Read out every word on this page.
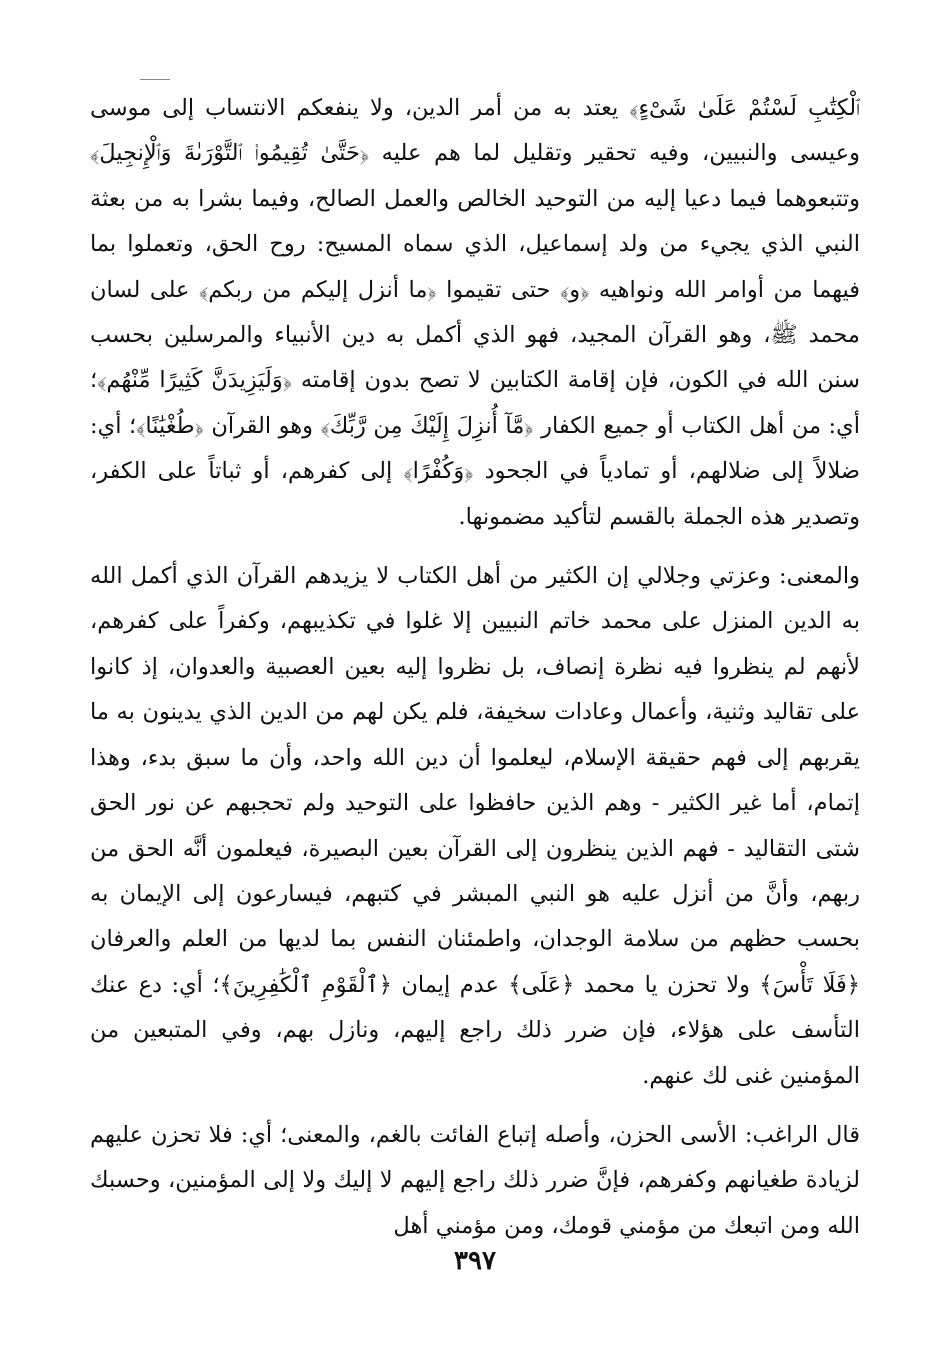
ٱلْكِتَٰبِ لَسْتُمْ عَلَىٰ شَىْءٍ﴾ يعتد به من أمر الدين، ولا ينفعكم الانتساب إلى موسى وعيسى والنبيين، وفيه تحقير وتقليل لما هم عليه ﴿حَتَّىٰ تُقِيمُوا۟ ٱلتَّوْرَىٰةَ وَٱلْإِنجِيلَ﴾ وتتبعوهما فيما دعيا إليه من التوحيد الخالص والعمل الصالح، وفيما بشرا به من بعثة النبي الذي يجيء من ولد إسماعيل، الذي سماه المسيح: روح الحق، وتعملوا بما فيهما من أوامر الله ونواهيه ﴿و﴾ حتى تقيموا ﴿ما أنزل إليكم من ربكم﴾ على لسان محمد ﷺ، وهو القرآن المجيد، فهو الذي أكمل به دين الأنبياء والمرسلين بحسب سنن الله في الكون، فإن إقامة الكتابين لا تصح بدون إقامته ﴿وَلَيَزِيدَنَّ كَثِيرًا مِّنْهُم﴾؛ أي: من أهل الكتاب أو جميع الكفار ﴿مَّآ أُنزِلَ إِلَيْكَ مِن رَّبِّكَ﴾ وهو القرآن ﴿طُغْيَٰنًا﴾؛ أي: ضلالاً إلى ضلالهم، أو تمادياً في الجحود ﴿وَكُفْرًا﴾ إلى كفرهم، أو ثباتاً على الكفر، وتصدير هذه الجملة بالقسم لتأكيد مضمونها.

والمعنى: وعزتي وجلالي إن الكثير من أهل الكتاب لا يزيدهم القرآن الذي أكمل الله به الدين المنزل على محمد خاتم النبيين إلا غلوا في تكذيبهم، وكفراً على كفرهم، لأنهم لم ينظروا فيه نظرة إنصاف، بل نظروا إليه بعين العصبية والعدوان، إذ كانوا على تقاليد وثنية، وأعمال وعادات سخيفة، فلم يكن لهم من الدين الذي يدينون به ما يقربهم إلى فهم حقيقة الإسلام، ليعلموا أن دين الله واحد، وأن ما سبق بدء، وهذا إتمام، أما غير الكثير - وهم الذين حافظوا على التوحيد ولم تحجبهم عن نور الحق شتى التقاليد - فهم الذين ينظرون إلى القرآن بعين البصيرة، فيعلمون أنَّه الحق من ربهم، وأنَّ من أنزل عليه هو النبي المبشر في كتبهم، فيسارعون إلى الإيمان به بحسب حظهم من سلامة الوجدان، واطمئنان النفس بما لديها من العلم والعرفان ﴿فَلَا تَأْسَ﴾ ولا تحزن يا محمد ﴿عَلَى﴾ عدم إيمان ﴿ٱلْقَوْمِ ٱلْكَٰفِرِينَ﴾؛ أي: دع عنك التأسف على هؤلاء، فإن ضرر ذلك راجع إليهم، ونازل بهم، وفي المتبعين من المؤمنين غنى لك عنهم.

قال الراغب: الأسى الحزن، وأصله إتباع الفائت بالغم، والمعنى؛ أي: فلا تحزن عليهم لزيادة طغيانهم وكفرهم، فإنَّ ضرر ذلك راجع إليهم لا إليك ولا إلى المؤمنين، وحسبك الله ومن اتبعك من مؤمني قومك، ومن مؤمني أهل

٣٩٧
